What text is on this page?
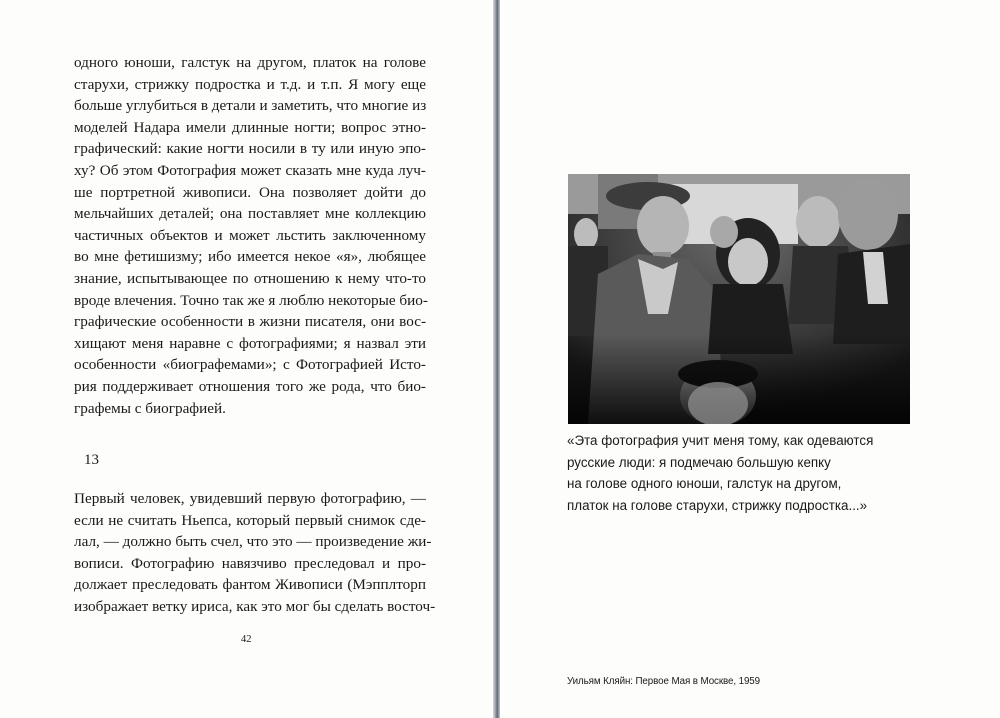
одного юноши, галстук на другом, платок на голове
старухи, стрижку подростка и т.д. и т.п. Я могу еще
больше углубиться в детали и заметить, что многие из
моделей Надара имели длинные ногти; вопрос этно-
графический: какие ногти носили в ту или иную эпо-
ху? Об этом Фотография может сказать мне куда луч-
ше портретной живописи. Она позволяет дойти до
мельчайших деталей; она поставляет мне коллекцию
частичных объектов и может льстить заключенному
во мне фетишизму; ибо имеется некое «я», любящее
знание, испытывающее по отношению к нему что-то
вроде влечения. Точно так же я люблю некоторые био-
графические особенности в жизни писателя, они вос-
хищают меня наравне с фотографиями; я назвал эти
особенности «биографемами»; с Фотографией Исто-
рия поддерживает отношения того же рода, что био-
графемы с биографией.

13

Первый человек, увидевший первую фотографию, —
если не считать Ньепса, который первый снимок сде-
лал, — должно быть счел, что это — произведение жи-
вописи. Фотографию навязчиво преследовал и про-
должает преследовать фантом Живописи (Мэпплторп
изображает ветку ириса, как это мог бы сделать восточ-

42

«Эта фотография учит меня тому, как одеваются
русские люди: я подмечаю большую кепку
на голове одного юноши, галстук на другом,
платок на голове старухи, стрижку подростка...»

Уильям Кляйн: Первое Мая в Москве, 1959
